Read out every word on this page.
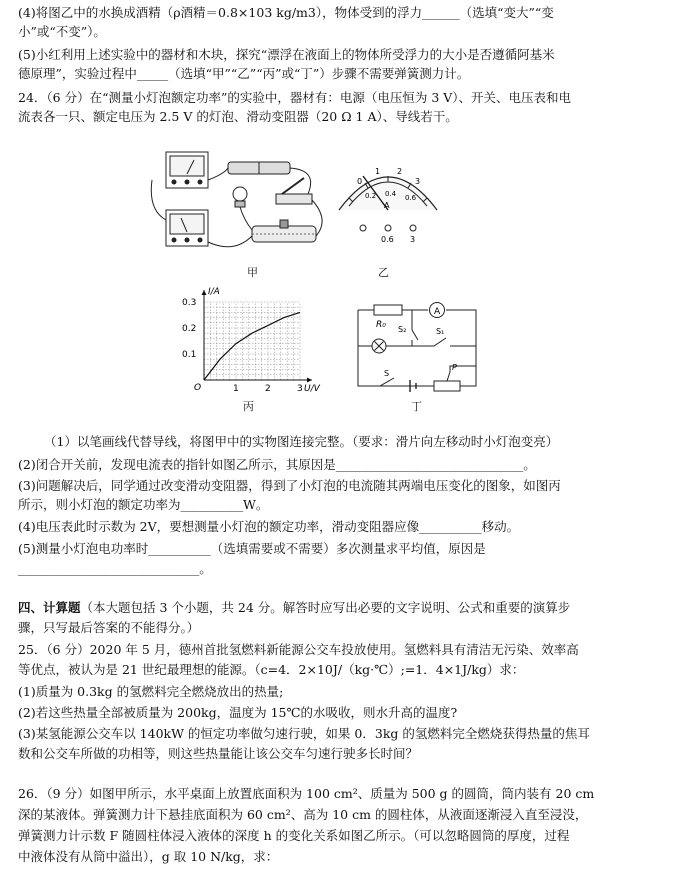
(4)将图乙中的水换成酒精（ρ酒精＝0.8×103 kg/m3），物体受到的浮力______（选填“变大”“变
小”或“不变”）。
(5)小红利用上述实验中的器材和木块，探究“漂浮在液面上的物体所受浮力的大小是否遵循阿基米
德原理”，实验过程中_____（选填“甲”“乙”“丙”或“丁”）步骤不需要弹簧测力计。
24．（6 分）在“测量小灯泡额定功率”的实验中，器材有：电源（电压恒为 3 V）、开关、电压表和电
流表各一只、额定电压为 2.5 V 的灯泡、滑动变阻器（20 Ω 1 A）、导线若干。
0
1 2
3
0.2 0.4 0.6
A
0.6 3
甲	乙
O	1	2	3
0.1
0.2
0.3
U/V
I/A
丙
R₀
A
S₂	S₁
S
P
丁
（1）以笔画线代替导线，将图甲中的实物图连接完整。（要求：滑片向左移动时小灯泡变亮）
(2)闭合开关前，发现电流表的指针如图乙所示，其原因是______________________________。
(3)问题解决后，同学通过改变滑动变阻器，得到了小灯泡的电流随其两端电压变化的图象，如图丙
所示，则小灯泡的额定功率为__________W。
(4)电压表此时示数为 2V，要想测量小灯泡的额定功率，滑动变阻器应像__________移动。
(5)测量小灯泡电功率时__________（选填需要或不需要）多次测量求平均值，原因是
_____________________________。
四、计算题（本大题包括 3 个小题，共 24 分。解答时应写出必要的文字说明、公式和重要的演算步
骤，只写最后答案的不能得分。）
25．（6 分）2020 年 5 月，德州首批氢燃料新能源公交车投放使用。氢燃料具有清洁无污染、效率高
等优点，被认为是 21 世纪最理想的能源。（c=4．2×10J/（kg·℃）;=1．4×1J/kg）求：
(1)质量为 0.3kg 的氢燃料完全燃烧放出的热量;
(2)若这些热量全部被质量为 200kg，温度为 15℃的水吸收，则水升高的温度?
(3)某氢能源公交车以 140kW 的恒定功率做匀速行驶，如果 0．3kg 的氢燃料完全燃烧获得热量的焦耳
数和公交车所做的功相等，则这些热量能让该公交车匀速行驶多长时间？
26．（9 分）如图甲所示，水平桌面上放置底面积为 100 cm²、质量为 500 g 的圆筒，筒内装有 20 cm
深的某液体。弹簧测力计下悬挂底面积为 60 cm²、高为 10 cm 的圆柱体，从液面逐渐浸入直至浸没，
弹簧测力计示数 F 随圆柱体浸入液体的深度 h 的变化关系如图乙所示。（可以忽略圆筒的厚度，过程
中液体没有从筒中溢出），g 取 10 N/kg，求：
